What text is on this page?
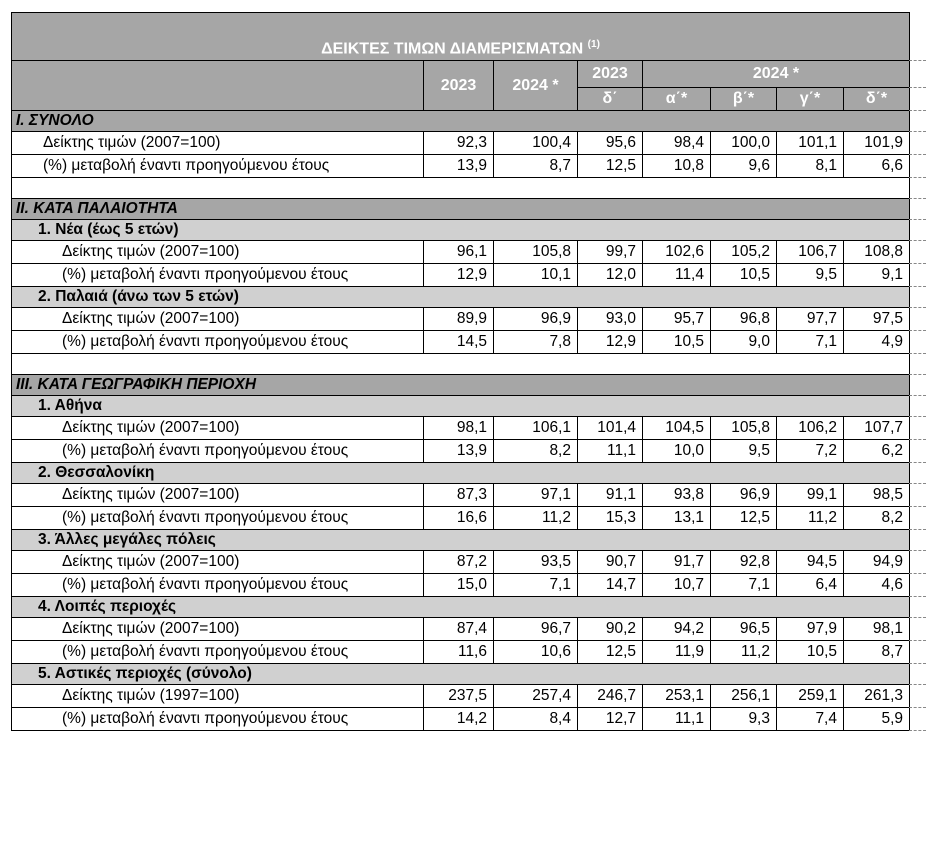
ΔΕΙΚΤΕΣ ΤΙΜΩΝ ΔΙΑΜΕΡΙΣΜΑΤΩΝ $^{(1)}$
	2023	2024 *	2023	2024 *			
			δ΄	α΄*	β΄*	γ΄*	δ΄*
I. ΣΥΝΟΛΟ							
Δείκτης τιμών (2007=100)	92,3	100,4	95,6	98,4	100,0	101,1	101,9
(%) μεταβολή έναντι προηγούμενου έτους	13,9	8,7	12,5	10,8	9,6	8,1	6,6

II. ΚΑΤΑ ΠΑΛΑΙΟΤΗΤΑ							
1. Νέα (έως 5 ετών)							
Δείκτης τιμών (2007=100)	96,1	105,8	99,7	102,6	105,2	106,7	108,8
(%) μεταβολή έναντι προηγούμενου έτους	12,9	10,1	12,0	11,4	10,5	9,5	9,1
2. Παλαιά (άνω των 5 ετών)							
Δείκτης τιμών (2007=100)	89,9	96,9	93,0	95,7	96,8	97,7	97,5
(%) μεταβολή έναντι προηγούμενου έτους	14,5	7,8	12,9	10,5	9,0	7,1	4,9

III. ΚΑΤΑ ΓΕΩΓΡΑΦΙΚΗ ΠΕΡΙΟΧΗ							
1. Αθήνα							
Δείκτης τιμών (2007=100)	98,1	106,1	101,4	104,5	105,8	106,2	107,7
(%) μεταβολή έναντι προηγούμενου έτους	13,9	8,2	11,1	10,0	9,5	7,2	6,2
2. Θεσσαλονίκη							
Δείκτης τιμών (2007=100)	87,3	97,1	91,1	93,8	96,9	99,1	98,5
(%) μεταβολή έναντι προηγούμενου έτους	16,6	11,2	15,3	13,1	12,5	11,2	8,2
3. Άλλες μεγάλες πόλεις							
Δείκτης τιμών (2007=100)	87,2	93,5	90,7	91,7	92,8	94,5	94,9
(%) μεταβολή έναντι προηγούμενου έτους	15,0	7,1	14,7	10,7	7,1	6,4	4,6
4. Λοιπές περιοχές							
Δείκτης τιμών (2007=100)	87,4	96,7	90,2	94,2	96,5	97,9	98,1
(%) μεταβολή έναντι προηγούμενου έτους	11,6	10,6	12,5	11,9	11,2	10,5	8,7
5. Αστικές περιοχές (σύνολο)							
Δείκτης τιμών (1997=100)	237,5	257,4	246,7	253,1	256,1	259,1	261,3
(%) μεταβολή έναντι προηγούμενου έτους	14,2	8,4	12,7	11,1	9,3	7,4	5,9
